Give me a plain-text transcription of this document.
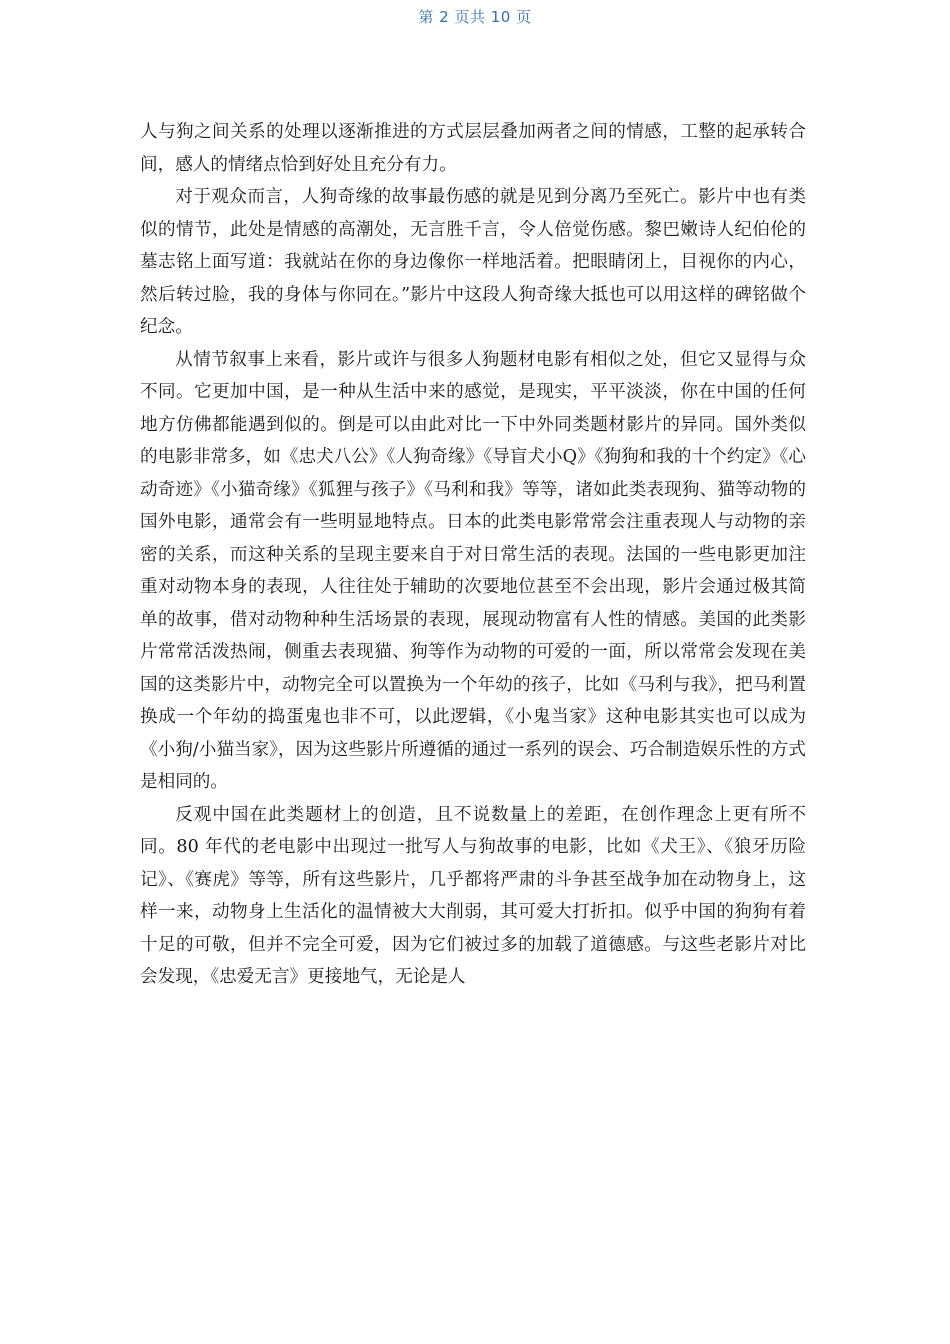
第 2 页共 10 页

人与狗之间关系的处理以逐渐推进的方式层层叠加两者之间的情感，工整的起承转合间，感人的情绪点恰到好处且充分有力。

对于观众而言，人狗奇缘的故事最伤感的就是见到分离乃至死亡。影片中也有类似的情节，此处是情感的高潮处，无言胜千言，令人倍觉伤感。黎巴嫩诗人纪伯伦的墓志铭上面写道：我就站在你的身边像你一样地活着。把眼睛闭上，目视你的内心，然后转过脸，我的身体与你同在。”影片中这段人狗奇缘大抵也可以用这样的碑铭做个纪念。

从情节叙事上来看，影片或许与很多人狗题材电影有相似之处，但它又显得与众不同。它更加中国，是一种从生活中来的感觉，是现实，平平淡淡，你在中国的任何地方仿佛都能遇到似的。倒是可以由此对比一下中外同类题材影片的异同。国外类似的电影非常多，如《忠犬八公》《人狗奇缘》《导盲犬小Q》《狗狗和我的十个约定》《心动奇迹》《小猫奇缘》《狐狸与孩子》《马利和我》等等，诸如此类表现狗、猫等动物的国外电影，通常会有一些明显地特点。日本的此类电影常常会注重表现人与动物的亲密的关系，而这种关系的呈现主要来自于对日常生活的表现。法国的一些电影更加注重对动物本身的表现，人往往处于辅助的次要地位甚至不会出现，影片会通过极其简单的故事，借对动物种种生活场景的表现，展现动物富有人性的情感。美国的此类影片常常活泼热闹，侧重去表现猫、狗等作为动物的可爱的一面，所以常常会发现在美国的这类影片中，动物完全可以置换为一个年幼的孩子，比如《马利与我》，把马利置换成一个年幼的捣蛋鬼也非不可，以此逻辑，《小鬼当家》这种电影其实也可以成为《小狗/小猫当家》，因为这些影片所遵循的通过一系列的误会、巧合制造娱乐性的方式是相同的。

反观中国在此类题材上的创造，且不说数量上的差距，在创作理念上更有所不同。80 年代的老电影中出现过一批写人与狗故事的电影，比如《犬王》、《狼牙历险记》、《赛虎》等等，所有这些影片，几乎都将严肃的斗争甚至战争加在动物身上，这样一来，动物身上生活化的温情被大大削弱，其可爱大打折扣。似乎中国的狗狗有着十足的可敬，但并不完全可爱，因为它们被过多的加载了道德感。与这些老影片对比会发现，《忠爱无言》更接地气，无论是人
